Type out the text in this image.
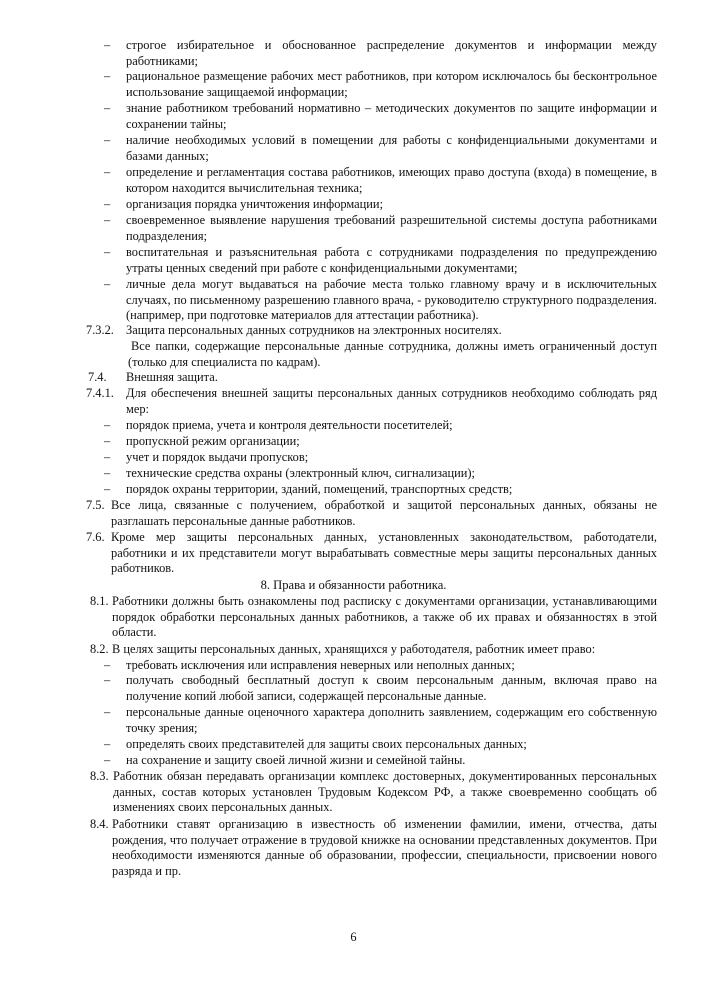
– строгое избирательное и обоснованное распределение документов и информации между работниками;
– рациональное размещение рабочих мест работников, при котором исключалось бы бесконтрольное использование защищаемой информации;
– знание работником требований нормативно – методических документов по защите информации и сохранении тайны;
– наличие необходимых условий в помещении для работы с конфиденциальными документами и базами данных;
– определение и регламентация состава работников, имеющих право доступа (входа) в помещение, в котором находится вычислительная техника;
– организация порядка уничтожения информации;
– своевременное выявление нарушения требований разрешительной системы доступа работниками подразделения;
– воспитательная и разъяснительная работа с сотрудниками подразделения по предупреждению утраты ценных сведений при работе с конфиденциальными документами;
– личные дела могут выдаваться на рабочие места только главному врачу и в исключительных случаях, по письменному разрешению главного врача, - руководителю структурного подразделения. (например, при подготовке материалов для аттестации работника).
7.3.2. Защита персональных данных сотрудников на электронных носителях.
Все папки, содержащие персональные данные сотрудника, должны иметь ограниченный доступ (только для специалиста по кадрам).
7.4. Внешняя защита.
7.4.1. Для обеспечения внешней защиты персональных данных сотрудников необходимо соблюдать ряд мер:
– порядок приема, учета и контроля деятельности посетителей;
– пропускной режим организации;
– учет и порядок выдачи пропусков;
– технические средства охраны (электронный ключ, сигнализации);
– порядок охраны территории, зданий, помещений, транспортных средств;
7.5. Все лица, связанные с получением, обработкой и защитой персональных данных, обязаны не разглашать персональные данные работников.
7.6. Кроме мер защиты персональных данных, установленных законодательством, работодатели, работники и их представители могут вырабатывать совместные меры защиты персональных данных работников.
8. Права и обязанности работника.
8.1. Работники должны быть ознакомлены под расписку с документами организации, устанавливающими порядок обработки персональных данных работников, а также об их правах и обязанностях в этой области.
8.2. В целях защиты персональных данных, хранящихся у работодателя, работник имеет право:
– требовать исключения или исправления неверных или неполных данных;
– получать свободный бесплатный доступ к своим персональным данным, включая право на получение копий любой записи, содержащей персональные данные.
– персональные данные оценочного характера дополнить заявлением, содержащим его собственную точку зрения;
– определять своих представителей для защиты своих персональных данных;
– на сохранение и защиту своей личной жизни и семейной тайны.
8.3. Работник обязан передавать организации комплекс достоверных, документированных персональных данных, состав которых установлен Трудовым Кодексом РФ, а также своевременно сообщать об изменениях своих персональных данных.
8.4. Работники ставят организацию в известность об изменении фамилии, имени, отчества, даты рождения, что получает отражение в трудовой книжке на основании представленных документов. При необходимости изменяются данные об образовании, профессии, специальности, присвоении нового разряда и пр.
6
